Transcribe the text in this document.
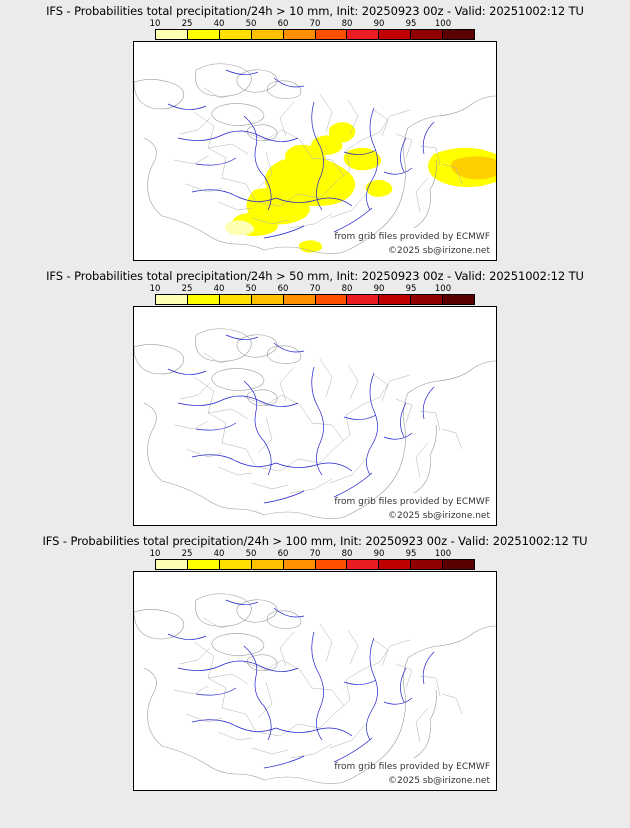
IFS - Probabilities total precipitation/24h > 10 mm, Init: 20250923 00z - Valid: 20251002:12 TU
10 25 40 50 60 70 80 90 95 100
from grib files provided by ECMWF
©2025 sb@irizone.net
IFS - Probabilities total precipitation/24h > 50 mm, Init: 20250923 00z - Valid: 20251002:12 TU
10 25 40 50 60 70 80 90 95 100
from grib files provided by ECMWF
©2025 sb@irizone.net
IFS - Probabilities total precipitation/24h > 100 mm, Init: 20250923 00z - Valid: 20251002:12 TU
10 25 40 50 60 70 80 90 95 100
from grib files provided by ECMWF
©2025 sb@irizone.net
